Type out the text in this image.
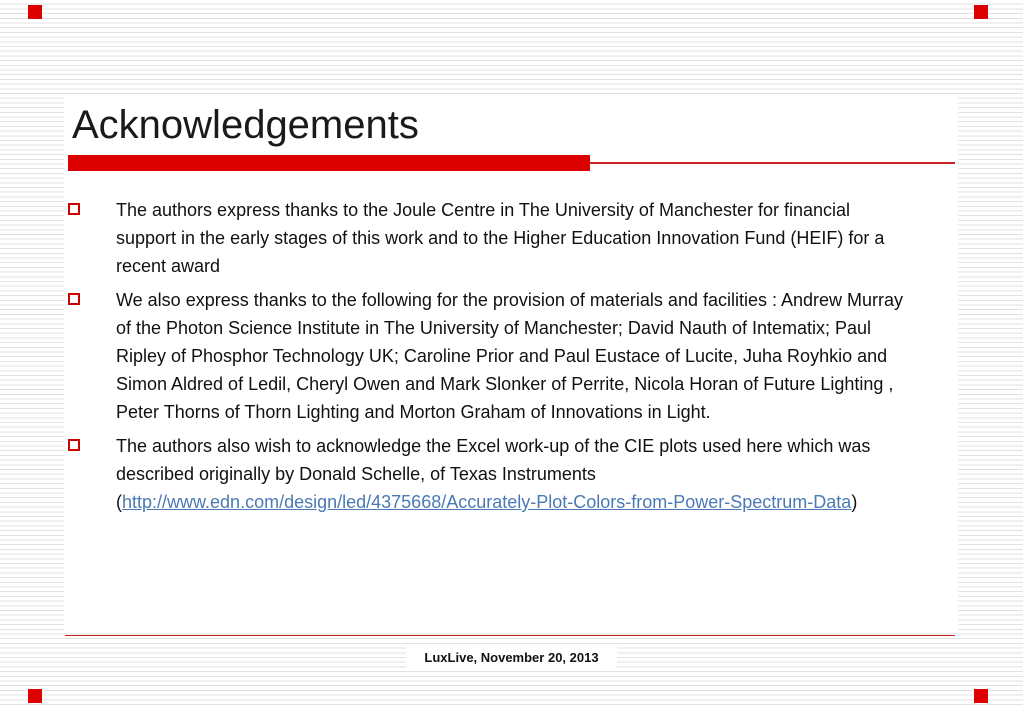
Acknowledgements
The authors express thanks to the Joule Centre in The University of Manchester for financial support in the early stages of this work and to the Higher Education Innovation Fund (HEIF) for a recent award
We also express thanks to the following for the provision of materials and facilities : Andrew Murray of the Photon Science Institute in The University of Manchester; David Nauth of Intematix; Paul Ripley of Phosphor Technology UK; Caroline Prior and Paul Eustace of Lucite, Juha Royhkio and Simon Aldred of Ledil, Cheryl Owen and Mark Slonker of Perrite, Nicola Horan of Future Lighting , Peter Thorns of Thorn Lighting and Morton Graham of Innovations in Light.
The authors also wish to acknowledge the Excel work-up of the CIE plots used here which was described originally by Donald Schelle, of Texas Instruments (http://www.edn.com/design/led/4375668/Accurately-Plot-Colors-from-Power-Spectrum-Data)
LuxLive, November 20, 2013
